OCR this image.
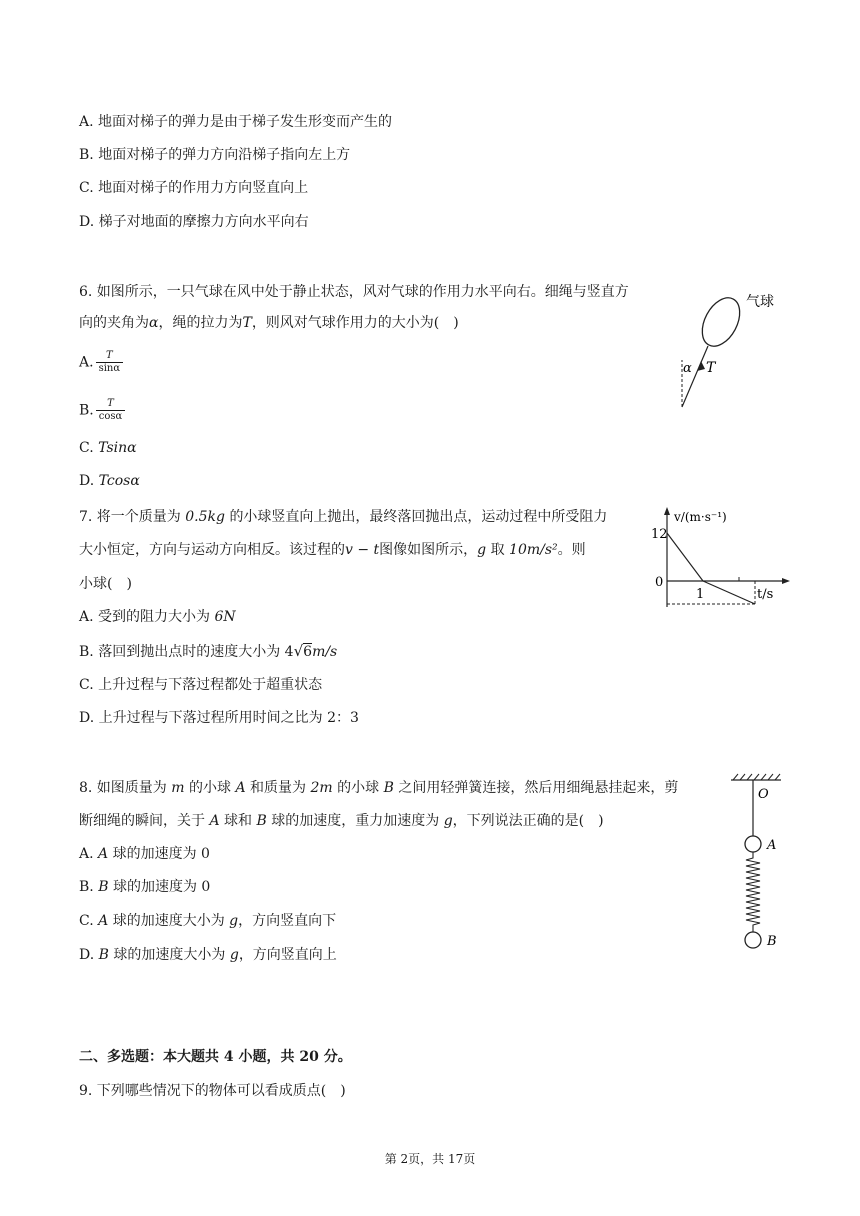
A. 地面对梯子的弹力是由于梯子发生形变而产生的
B. 地面对梯子的弹力方向沿梯子指向左上方
C. 地面对梯子的作用力方向竖直向上
D. 梯子对地面的摩擦力方向水平向右
6. 如图所示，一只气球在风中处于静止状态，风对气球的作用力水平向右。细绳与竖直方
向的夹角为α，绳的拉力为T，则风对气球作用力的大小为(　)
A. $\frac{T}{\sin\alpha}$
B. $\frac{T}{\cos\alpha}$
C. Tsinα
D. Tcosα
α T
气球
7. 将一个质量为 0.5kg 的小球竖直向上抛出，最终落回抛出点，运动过程中所受阻力
大小恒定，方向与运动方向相反。该过程的v − t图像如图所示，g 取 10m/s²。则
小球(　)
A. 受到的阻力大小为 6N
B. 落回到抛出点时的速度大小为 4√6m/s
C. 上升过程与下落过程都处于超重状态
D. 上升过程与下落过程所用时间之比为 2：3
v/(m·s⁻¹)
12
0
1	t/s
8. 如图质量为 m 的小球 A 和质量为 2m 的小球 B 之间用轻弹簧连接，然后用细绳悬挂起来，剪
断细绳的瞬间，关于 A 球和 B 球的加速度，重力加速度为 g，下列说法正确的是(　)
A. A 球的加速度为 0
B. B 球的加速度为 0
C. A 球的加速度大小为 g，方向竖直向下
D. B 球的加速度大小为 g，方向竖直向上
O
A
B
二、多选题：本大题共 4 小题，共 20 分。
9. 下列哪些情况下的物体可以看成质点(　)
第 2页，共 17页
